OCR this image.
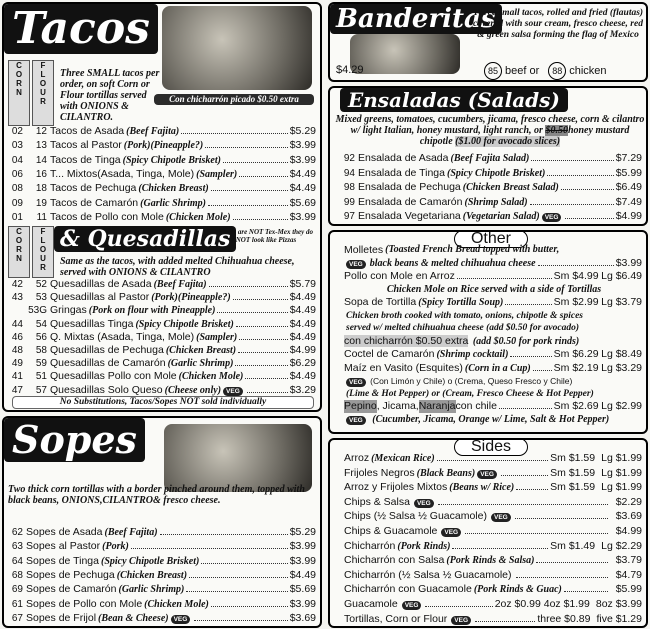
Tacos
C
O
R
N
F
L
O
U
R
Three SMALL tacos per order, on soft Corn or Flour tortillas served with ONIONS & CILANTRO.
Con chicharrón picado $0.50 extra
02	12 Tacos de Asada (Beef Fajita)	$5.29
03	13 Tacos al Pastor (Pork)(Pineapple?)	$3.99
04	14 Tacos de Tinga (Spicy Chipotle Brisket)	$3.99
06	16 T... Mixtos(Asada, Tinga, Mole) (Sampler)	$4.49
08	18 Tacos de Pechuga (Chicken Breast)	$4.49
09	19 Tacos de Camarón (Garlic Shrimp)	$5.69
01	11 Tacos de Pollo con Mole (Chicken Mole)	$3.99
& Quesadillas
C
O
R
N
F
L
O
U
R
These are NOT Tex-Mex they do NOT look like Pizzas
Same as the tacos, with added melted Chihuahua cheese, served with ONIONS & CILANTRO
42	52 Quesadillas de Asada (Beef Fajita)	$5.79
43	53 Quesadillas al Pastor (Pork)(Pineapple?)	$4.49
53G Gringas (Pork on flour with Pineapple)	$4.49
44	54 Quesadillas Tinga (Spicy Chipotle Brisket)	$4.49
46	56 Q. Mixtas (Asada, Tinga, Mole) (Sampler)	$4.49
48	58 Quesadillas de Pechuga (Chicken Breast)	$4.99
49	59 Quesadillas de Camarón (Garlic Shrimp)	$6.29
41	51 Quesadillas Pollo con Mole (Chicken Mole)	$4.49
47	57 Quesadillas Solo Queso (Cheese only) VEG	$3.29
No Substitutions, Tacos/Sopes NOT sold individually
Sopes
Two thick corn tortillas with a border pinched around them, topped with black beans, ONIONS,CILANTRO& fresco cheese.
62 Sopes de Asada (Beef Fajita)	$5.29
63 Sopes al Pastor (Pork)	$3.99
64 Sopes de Tinga (Spicy Chipotle Brisket)	$3.99
68 Sopes de Pechuga (Chicken Breast)	$4.49
69 Sopes de Camarón (Garlic Shrimp)	$5.69
61 Sopes de Pollo con Mole (Chicken Mole)	$3.99
67 Sopes de Frijol (Bean & Cheese) VEG	$3.69
Banderitas
Three small tacos, rolled and fried (flautas) covered with sour cream, fresco cheese, red & green salsa forming the flag of Mexico
$4.29	85 beef or	88 chicken
Ensaladas (Salads)
Mixed greens, tomatoes, cucumbers, jicama, fresco cheese, corn & cilantro w/ light Italian, honey mustard, light ranch, or $0.50honey mustard chipotle ($1.00 for avocado slices)
92 Ensalada de Asada (Beef Fajita Salad)	$7.29
94 Ensalada de Tinga (Spicy Chipotle Brisket)	$5.99
98 Ensalada de Pechuga (Chicken Breast Salad)	$6.49
99 Ensalada de Camarón (Shrimp Salad)	$7.49
97 Ensalada Vegetariana (Vegetarian Salad) VEG	$4.99
Other
Molletes (Toasted French Bread topped with butter,
VEG black beans & melted chihuahua cheese	$3.99
Pollo con Mole en Arroz	Sm $4.99
Lg $6.49
Chicken Mole on Rice served with a side of Tortillas
Sopa de Tortilla (Spicy Tortilla Soup)	Sm $2.99
Lg $3.79
Chicken broth cooked with tomato, onions, chipotle & spices
served w/ melted chihuahua cheese (add $0.50 for avocado)
con chicharrón $0.50 extra (add $0.50 for pork rinds)
Coctel de Camarón (Shrimp cocktail)	Sm $6.29
Lg $8.49
Maíz en Vasito (Esquites) (Corn in a Cup) Sm $2.19
Lg $3.29
VEG (Con Limón y Chile) o (Crema, Queso Fresco y Chile)
(Lime & Hot Pepper) or (Cream, Fresco Cheese & Hot Pepper)
Pepino , Jicama, Naranja con chile	Sm $2.69
Lg $2.99
VEG (Cucumber, Jicama, Orange w/ Lime, Salt & Hot Pepper)
Sides
Arroz (Mexican Rice)	Sm $1.59 Lg $1.99
Frijoles Negros (Black Beans) VEG	Sm $1.59 Lg $1.99
Arroz y Frijoles Mixtos (Beans w/ Rice)	Sm $1.59 Lg $1.99
Chips & Salsa	VEG	$2.29
Chips (½ Salsa ½ Guacamole)	VEG	$3.69
Chips & Guacamole	VEG	$4.99
Chicharrón (Pork Rinds)	Sm $1.49 Lg $2.29
Chicharrón con Salsa (Pork Rinds & Salsa)	$3.79
Chicharrón (½ Salsa ½ Guacamole)	$4.79
Chicharrón con Guacamole (Pork Rinds & Guac)	$5.99
Guacamole	VEG	2oz $0.99 4oz $1.99 8oz $3.99
Tortillas, Corn or Flour	VEG	three $0.89 five $1.29
